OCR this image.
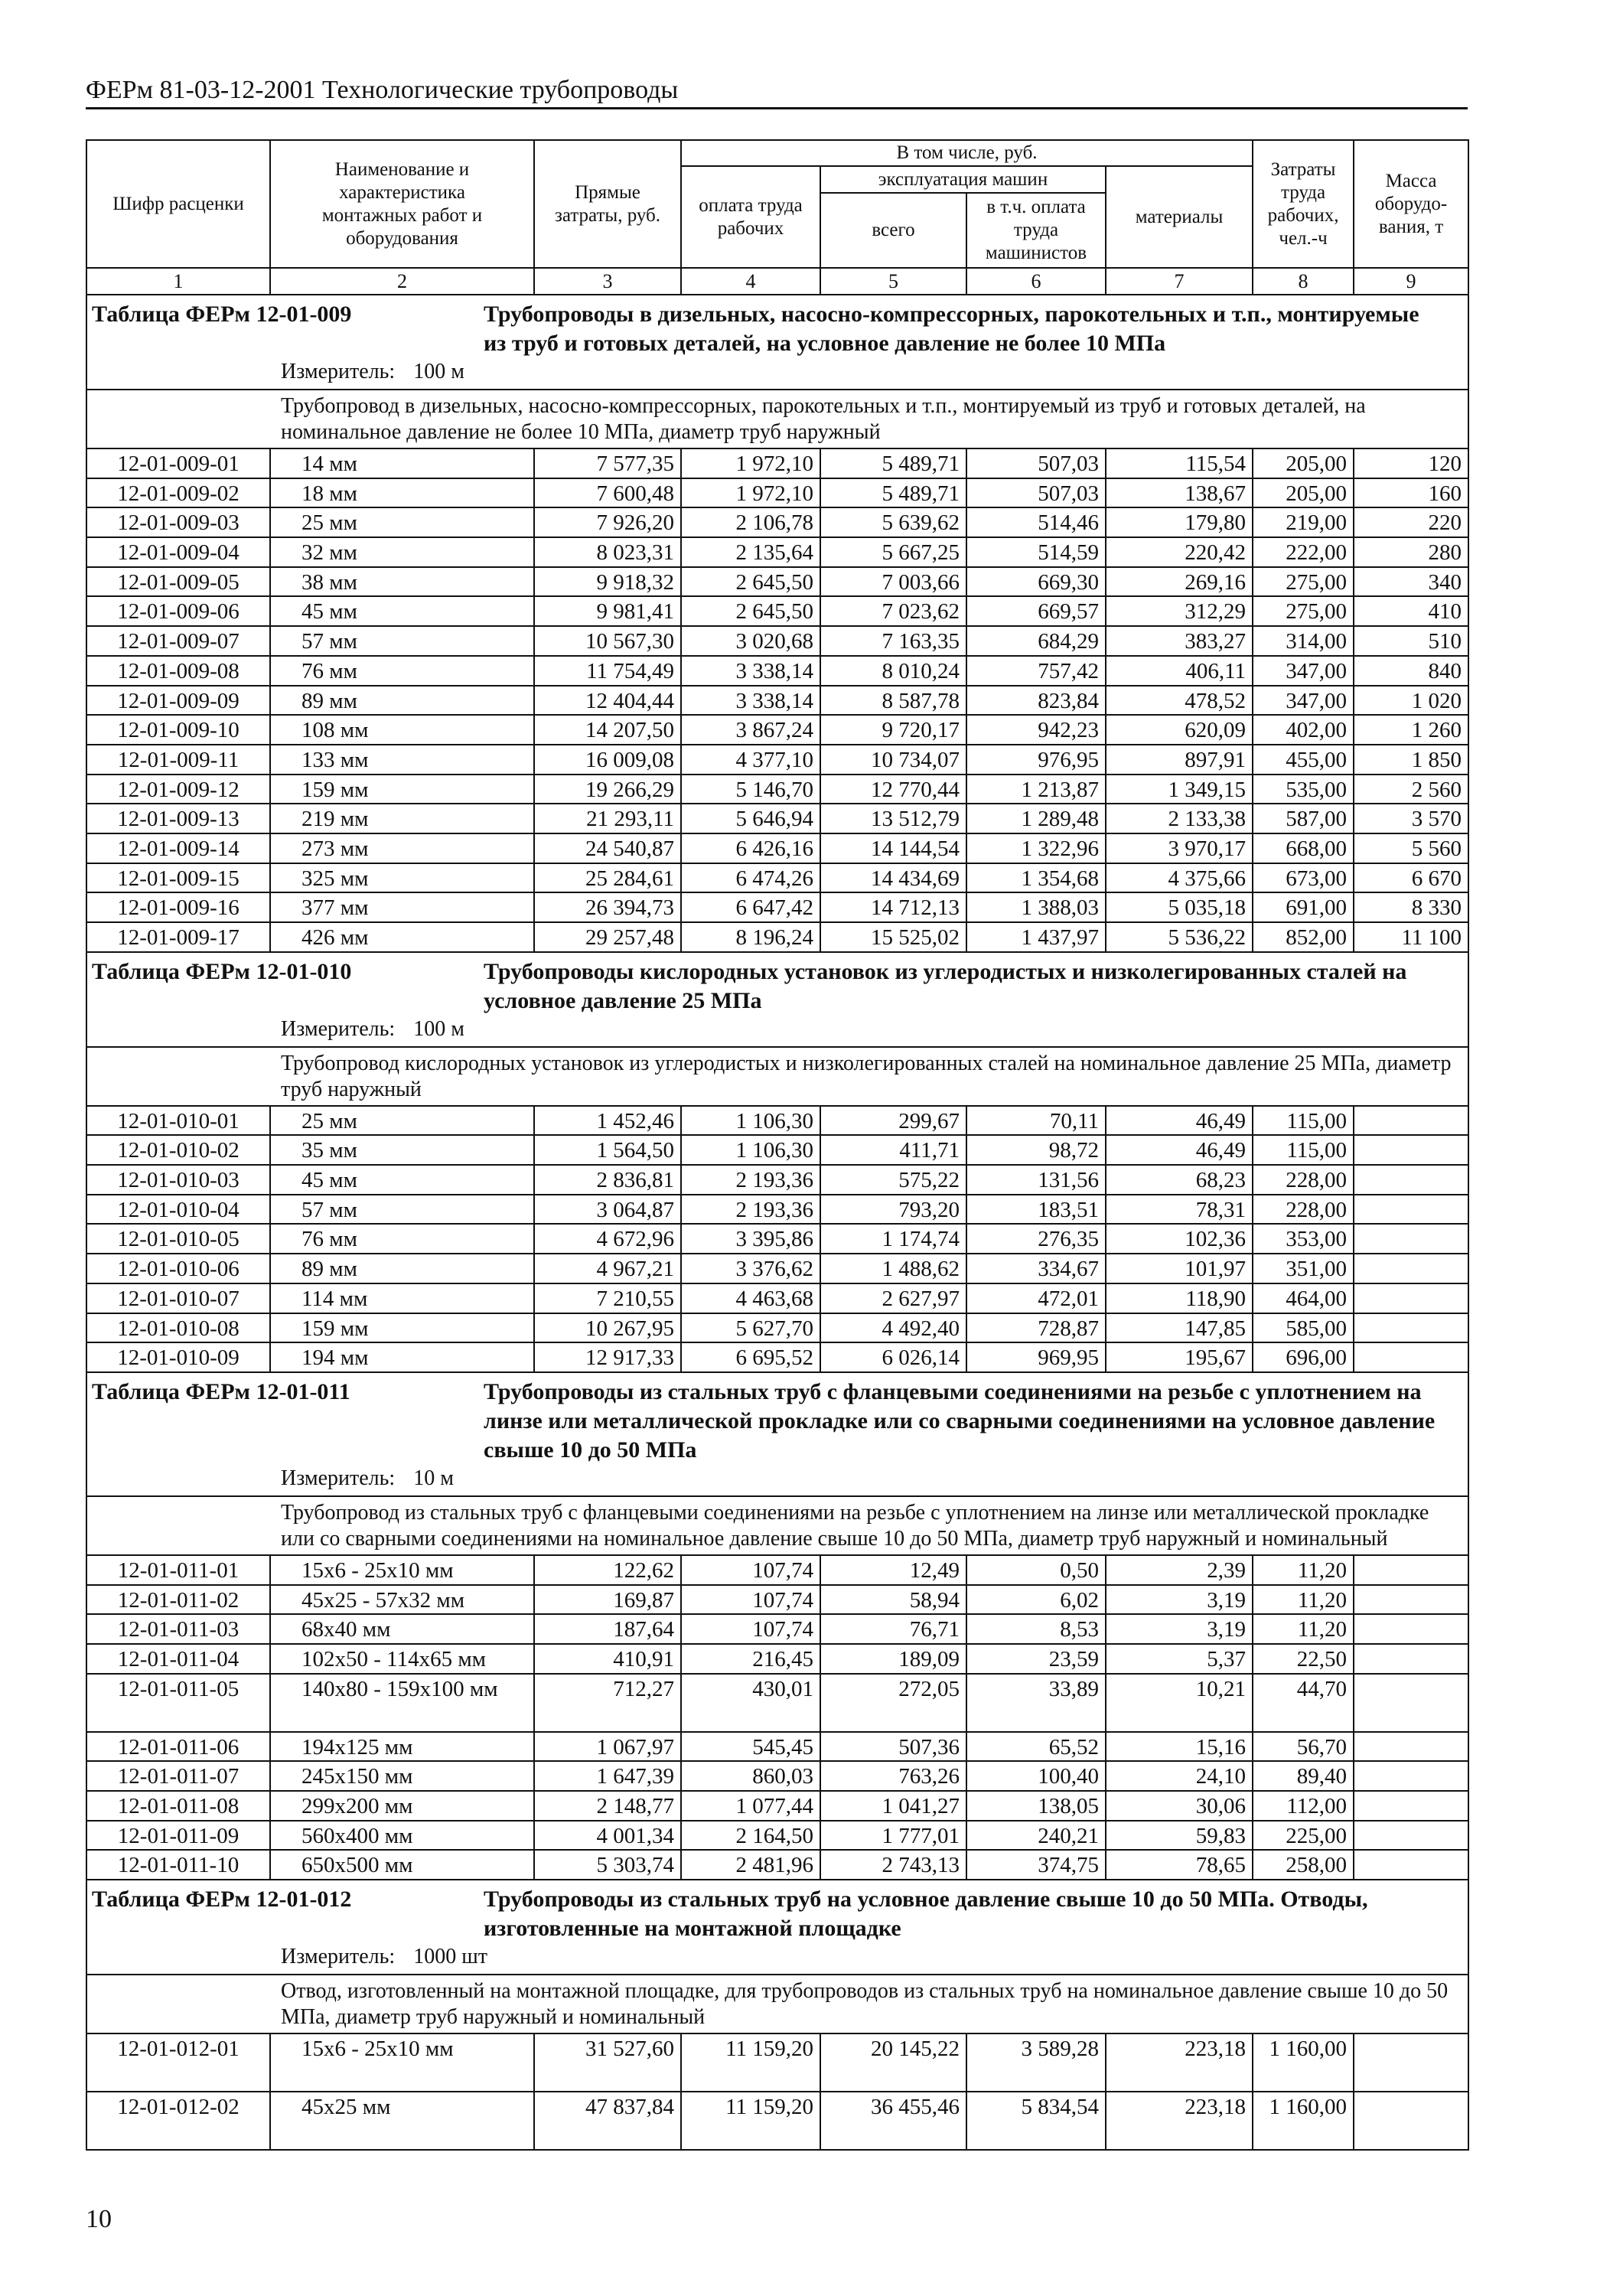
ФЕРм 81-03-12-2001 Технологические трубопроводы
Шифр расценки	Наименование и характеристика монтажных работ и оборудования	Прямые затраты, руб.	В том числе, руб.				Затраты труда рабочих, чел.-ч	Масса оборудо-вания, т
			оплата труда рабочих	эксплуатация машин		материалы		
				всего	в т.ч. оплата труда машинистов			
1	2	3	4	5	6	7	8	9

Таблица ФЕРм 12-01-009 Трубопроводы в дизельных, насосно-компрессорных, парокотельных и т.п., монтируемые из труб и готовых деталей, на условное давление не более 10 МПа
Измеритель: 100 м								

Трубопровод в дизельных, насосно-компрессорных, парокотельных и т.п., монтируемый из труб и готовых деталей, на номинальное давление не более 10 МПа, диаметр труб наружный								
12-01-009-01	14 мм	7 577,35	1 972,10	5 489,71	507,03	115,54	205,00	120
12-01-009-02	18 мм	7 600,48	1 972,10	5 489,71	507,03	138,67	205,00	160
12-01-009-03	25 мм	7 926,20	2 106,78	5 639,62	514,46	179,80	219,00	220
12-01-009-04	32 мм	8 023,31	2 135,64	5 667,25	514,59	220,42	222,00	280
12-01-009-05	38 мм	9 918,32	2 645,50	7 003,66	669,30	269,16	275,00	340
12-01-009-06	45 мм	9 981,41	2 645,50	7 023,62	669,57	312,29	275,00	410
12-01-009-07	57 мм	10 567,30	3 020,68	7 163,35	684,29	383,27	314,00	510
12-01-009-08	76 мм	11 754,49	3 338,14	8 010,24	757,42	406,11	347,00	840
12-01-009-09	89 мм	12 404,44	3 338,14	8 587,78	823,84	478,52	347,00	1 020
12-01-009-10	108 мм	14 207,50	3 867,24	9 720,17	942,23	620,09	402,00	1 260
12-01-009-11	133 мм	16 009,08	4 377,10	10 734,07	976,95	897,91	455,00	1 850
12-01-009-12	159 мм	19 266,29	5 146,70	12 770,44	1 213,87	1 349,15	535,00	2 560
12-01-009-13	219 мм	21 293,11	5 646,94	13 512,79	1 289,48	2 133,38	587,00	3 570
12-01-009-14	273 мм	24 540,87	6 426,16	14 144,54	1 322,96	3 970,17	668,00	5 560
12-01-009-15	325 мм	25 284,61	6 474,26	14 434,69	1 354,68	4 375,66	673,00	6 670
12-01-009-16	377 мм	26 394,73	6 647,42	14 712,13	1 388,03	5 035,18	691,00	8 330
12-01-009-17	426 мм	29 257,48	8 196,24	15 525,02	1 437,97	5 536,22	852,00	11 100

Таблица ФЕРм 12-01-010 Трубопроводы кислородных установок из углеродистых и низколегированных сталей на условное давление 25 МПа
Измеритель: 100 м								

Трубопровод кислородных установок из углеродистых и низколегированных сталей на номинальное давление 25 МПа, диаметр труб наружный								
12-01-010-01	25 мм	1 452,46	1 106,30	299,67	70,11	46,49	115,00	
12-01-010-02	35 мм	1 564,50	1 106,30	411,71	98,72	46,49	115,00	
12-01-010-03	45 мм	2 836,81	2 193,36	575,22	131,56	68,23	228,00	
12-01-010-04	57 мм	3 064,87	2 193,36	793,20	183,51	78,31	228,00	
12-01-010-05	76 мм	4 672,96	3 395,86	1 174,74	276,35	102,36	353,00	
12-01-010-06	89 мм	4 967,21	3 376,62	1 488,62	334,67	101,97	351,00	
12-01-010-07	114 мм	7 210,55	4 463,68	2 627,97	472,01	118,90	464,00	
12-01-010-08	159 мм	10 267,95	5 627,70	4 492,40	728,87	147,85	585,00	
12-01-010-09	194 мм	12 917,33	6 695,52	6 026,14	969,95	195,67	696,00	

Таблица ФЕРм 12-01-011 Трубопроводы из стальных труб с фланцевыми соединениями на резьбе с уплотнением на линзе или металлической прокладке или со сварными соединениями на условное давление свыше 10 до 50 МПа
Измеритель: 10 м								

Трубопровод из стальных труб с фланцевыми соединениями на резьбе с уплотнением на линзе или металлической прокладке или со сварными соединениями на номинальное давление свыше 10 до 50 МПа, диаметр труб наружный и номинальный								
12-01-011-01	15x6 - 25x10 мм	122,62	107,74	12,49	0,50	2,39	11,20	
12-01-011-02	45x25 - 57x32 мм	169,87	107,74	58,94	6,02	3,19	11,20	
12-01-011-03	68x40 мм	187,64	107,74	76,71	8,53	3,19	11,20	
12-01-011-04	102x50 - 114x65 мм	410,91	216,45	189,09	23,59	5,37	22,50	
12-01-011-05	140x80 - 159x100 мм	712,27	430,01	272,05	33,89	10,21	44,70	
12-01-011-06	194x125 мм	1 067,97	545,45	507,36	65,52	15,16	56,70	
12-01-011-07	245x150 мм	1 647,39	860,03	763,26	100,40	24,10	89,40	
12-01-011-08	299x200 мм	2 148,77	1 077,44	1 041,27	138,05	30,06	112,00	
12-01-011-09	560x400 мм	4 001,34	2 164,50	1 777,01	240,21	59,83	225,00	
12-01-011-10	650x500 мм	5 303,74	2 481,96	2 743,13	374,75	78,65	258,00	

Таблица ФЕРм 12-01-012 Трубопроводы из стальных труб на условное давление свыше 10 до 50 МПа. Отводы, изготовленные на монтажной площадке
Измеритель: 1000 шт								

Отвод, изготовленный на монтажной площадке, для трубопроводов из стальных труб на номинальное давление свыше 10 до 50 МПа, диаметр труб наружный и номинальный								
12-01-012-01	15x6 - 25x10 мм	31 527,60	11 159,20	20 145,22	3 589,28	223,18	1 160,00	
12-01-012-02	45x25 мм	47 837,84	11 159,20	36 455,46	5 834,54	223,18	1 160,00	
10
